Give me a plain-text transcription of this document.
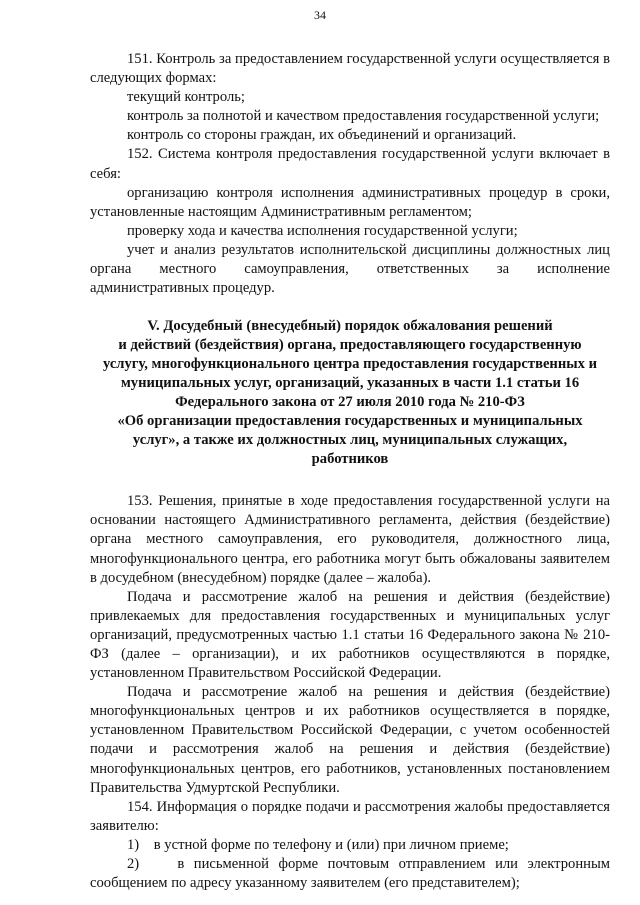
34

151. Контроль за предоставлением государственной услуги осуществляется в следующих формах:

текущий контроль;

контроль за полнотой и качеством предоставления государственной услуги;

контроль со стороны граждан, их объединений и организаций.

152. Система контроля предоставления государственной услуги включает в себя:

организацию контроля исполнения административных процедур в сроки, установленные настоящим Административным регламентом;

проверку хода и качества исполнения государственной услуги;

учет и анализ результатов исполнительской дисциплины должностных лиц органа местного самоуправления, ответственных за исполнение административных процедур.

V. Досудебный (внесудебный) порядок обжалования решений
и действий (бездействия) органа, предоставляющего государственную
услугу, многофункционального центра предоставления государственных и
муниципальных услуг, организаций, указанных в части 1.1 статьи 16
Федерального закона от 27 июля 2010 года № 210-ФЗ
«Об организации предоставления государственных и муниципальных
услуг», а также их должностных лиц, муниципальных служащих,
работников

153. Решения, принятые в ходе предоставления государственной услуги на основании настоящего Административного регламента, действия (бездействие) органа местного самоуправления, его руководителя, должностного лица, многофункционального центра, его работника могут быть обжалованы заявителем в досудебном (внесудебном) порядке (далее – жалоба).

Подача и рассмотрение жалоб на решения и действия (бездействие) привлекаемых для предоставления государственных и муниципальных услуг организаций, предусмотренных частью 1.1 статьи 16 Федерального закона № 210-ФЗ (далее – организации), и их работников осуществляются в порядке, установленном Правительством Российской Федерации.

Подача и рассмотрение жалоб на решения и действия (бездействие) многофункциональных центров и их работников осуществляется в порядке, установленном Правительством Российской Федерации, с учетом особенностей подачи и рассмотрения жалоб на решения и действия (бездействие) многофункциональных центров, его работников, установленных постановлением Правительства Удмуртской Республики.

154. Информация о порядке подачи и рассмотрения жалобы предоставляется заявителю:

1)    в устной форме по телефону и (или) при личном приеме;

2)    в письменной форме почтовым отправлением или электронным сообщением по адресу указанному заявителем (его представителем);
